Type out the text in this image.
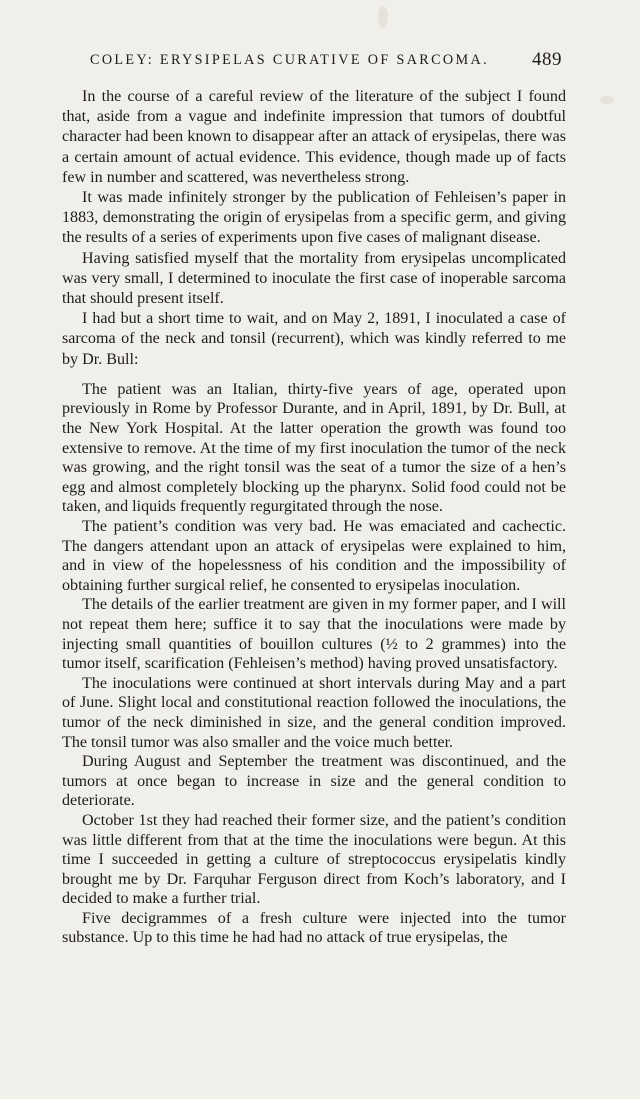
COLEY: ERYSIPELAS CURATIVE OF SARCOMA. 489

In the course of a careful review of the literature of the subject I found that, aside from a vague and indefinite impression that tumors of doubtful character had been known to disappear after an attack of erysipelas, there was a certain amount of actual evidence. This evidence, though made up of facts few in number and scattered, was nevertheless strong.

It was made infinitely stronger by the publication of Fehleisen’s paper in 1883, demonstrating the origin of erysipelas from a specific germ, and giving the results of a series of experiments upon five cases of malignant disease.

Having satisfied myself that the mortality from erysipelas uncomplicated was very small, I determined to inoculate the first case of inoperable sarcoma that should present itself.

I had but a short time to wait, and on May 2, 1891, I inoculated a case of sarcoma of the neck and tonsil (recurrent), which was kindly referred to me by Dr. Bull:

The patient was an Italian, thirty-five years of age, operated upon previously in Rome by Professor Durante, and in April, 1891, by Dr. Bull, at the New York Hospital. At the latter operation the growth was found too extensive to remove. At the time of my first inoculation the tumor of the neck was growing, and the right tonsil was the seat of a tumor the size of a hen’s egg and almost completely blocking up the pharynx. Solid food could not be taken, and liquids frequently regurgitated through the nose.

The patient’s condition was very bad. He was emaciated and cachectic. The dangers attendant upon an attack of erysipelas were explained to him, and in view of the hopelessness of his condition and the impossibility of obtaining further surgical relief, he consented to erysipelas inoculation.

The details of the earlier treatment are given in my former paper, and I will not repeat them here; suffice it to say that the inoculations were made by injecting small quantities of bouillon cultures (½ to 2 grammes) into the tumor itself, scarification (Fehleisen’s method) having proved unsatisfactory.

The inoculations were continued at short intervals during May and a part of June. Slight local and constitutional reaction followed the inoculations, the tumor of the neck diminished in size, and the general condition improved. The tonsil tumor was also smaller and the voice much better.

During August and September the treatment was discontinued, and the tumors at once began to increase in size and the general condition to deteriorate.

October 1st they had reached their former size, and the patient’s condition was little different from that at the time the inoculations were begun. At this time I succeeded in getting a culture of streptococcus erysipelatis kindly brought me by Dr. Farquhar Ferguson direct from Koch’s laboratory, and I decided to make a further trial.

Five decigrammes of a fresh culture were injected into the tumor substance. Up to this time he had had no attack of true erysipelas, the
